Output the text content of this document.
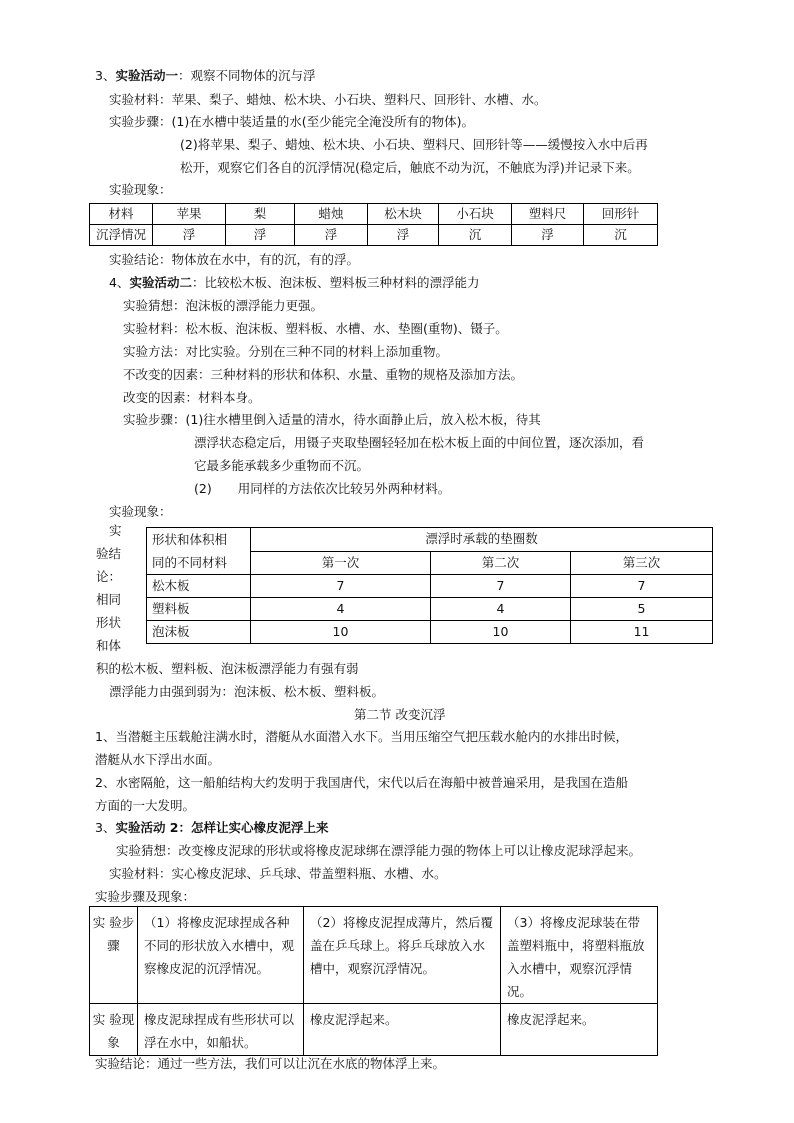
3、实验活动一：观察不同物体的沉与浮
实验材料：苹果、梨子、蜡烛、松木块、小石块、塑料尺、回形针、水槽、水。
实验步骤：(1)在水槽中装适量的水(至少能完全淹没所有的物体)。
(2)将苹果、梨子、蜡烛、松木块、小石块、塑料尺、回形针等——缓慢按入水中后再
松开，观察它们各自的沉浮情况(稳定后，触底不动为沉，不触底为浮)并记录下来。
实验现象：
材料	苹果	梨	蜡烛	松木块	小石块	塑料尺	回形针
沉浮情况	浮	浮	浮	浮	沉	浮	沉
实验结论：物体放在水中，有的沉，有的浮。
4、实验活动二：比较松木板、泡沫板、塑料板三种材料的漂浮能力
实验猜想：泡沫板的漂浮能力更强。
实验材料：松木板、泡沫板、塑料板、水槽、水、垫圈(重物)、镊子。
实验方法：对比实验。分别在三种不同的材料上添加重物。
不改变的因素：三种材料的形状和体积、水量、重物的规格及添加方法。
改变的因素：材料本身。
实验步骤：(1)往水槽里倒入适量的清水，待水面静止后，放入松木板，待其
漂浮状态稳定后，用镊子夹取垫圈轻轻加在松木板上面的中间位置，逐次添加，看
它最多能承载多少重物而不沉。
(2) 用同样的方法依次比较另外两种材料。
实验现象：
实
验结
论：
相同
形状
和体
形状和体积相
同的不同材料	漂浮时承载的垫圈数		
	第一次	第二次	第三次
松木板	7	7	7
塑料板	4	4	5
泡沫板	10	10	11
积的松木板、塑料板、泡沫板漂浮能力有强有弱
漂浮能力由强到弱为：泡沫板、松木板、塑料板。
第二节 改变沉浮
1、当潜艇主压载舱注满水时，潜艇从水面潜入水下。当用压缩空气把压载水舱内的水排出时候，
潜艇从水下浮出水面。
2、水密隔舱，这一船舶结构大约发明于我国唐代，宋代以后在海船中被普遍采用，是我国在造船
方面的一大发明。
3、实验活动 2：怎样让实心橡皮泥浮上来
实验猜想：改变橡皮泥球的形状或将橡皮泥球绑在漂浮能力强的物体上可以让橡皮泥球浮起来。
实验材料：实心橡皮泥球、乒乓球、带盖塑料瓶、水槽、水。
实验步骤及现象：
实 验步骤	（1）将橡皮泥球捏成各种不同的形状放入水槽中，观察橡皮泥的沉浮情况。	（2）将橡皮泥捏成薄片，然后覆盖在乒乓球上。将乒乓球放入水槽中，观察沉浮情况。	（3）将橡皮泥球装在带盖塑料瓶中，将塑料瓶放入水槽中，观察沉浮情况。
实 验现象	橡皮泥球捏成有些形状可以浮在水中，如船状。	橡皮泥浮起来。	橡皮泥浮起来。
实验结论：通过一些方法，我们可以让沉在水底的物体浮上来。
